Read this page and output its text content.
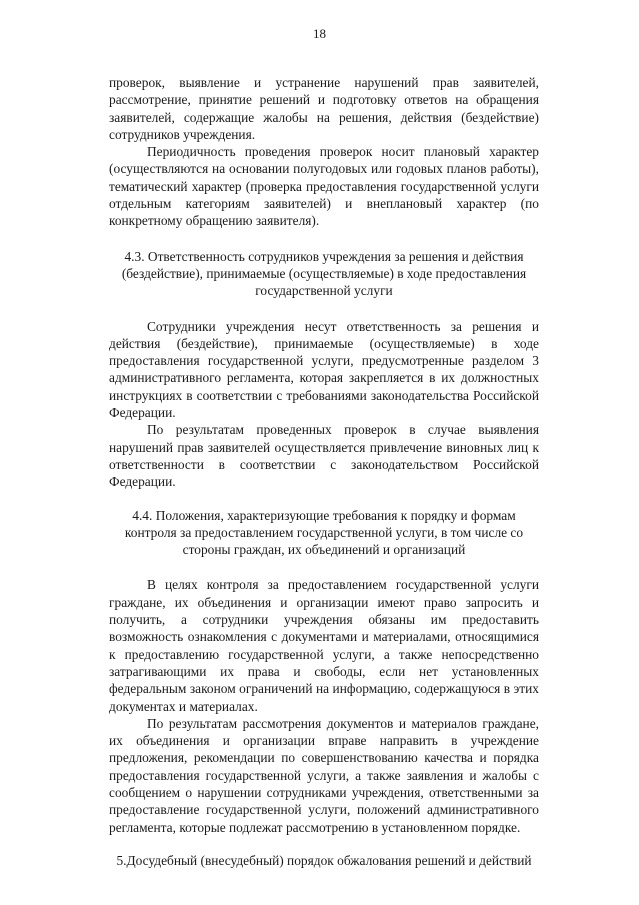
18

проверок, выявление и устранение нарушений прав заявителей, рассмотрение, принятие решений и подготовку ответов на обращения заявителей, содержащие жалобы на решения, действия (бездействие) сотрудников учреждения.

Периодичность проведения проверок носит плановый характер (осуществляются на основании полугодовых или годовых планов работы), тематический характер (проверка предоставления государственной услуги отдельным категориям заявителей) и внеплановый характер (по конкретному обращению заявителя).

4.3. Ответственность сотрудников учреждения за решения и действия (бездействие), принимаемые (осуществляемые) в ходе предоставления государственной услуги

Сотрудники учреждения несут ответственность за решения и действия (бездействие), принимаемые (осуществляемые) в ходе предоставления государственной услуги, предусмотренные разделом 3 административного регламента, которая закрепляется в их должностных инструкциях в соответствии с требованиями законодательства Российской Федерации.

По результатам проведенных проверок в случае выявления нарушений прав заявителей осуществляется привлечение виновных лиц к ответственности в соответствии с законодательством Российской Федерации.

4.4. Положения, характеризующие требования к порядку и формам контроля за предоставлением государственной услуги, в том числе со стороны граждан, их объединений и организаций

В целях контроля за предоставлением государственной услуги граждане, их объединения и организации имеют право запросить и получить, а сотрудники учреждения обязаны им предоставить возможность ознакомления с документами и материалами, относящимися к предоставлению государственной услуги, а также непосредственно затрагивающими их права и свободы, если нет установленных федеральным законом ограничений на информацию, содержащуюся в этих документах и материалах.

По результатам рассмотрения документов и материалов граждане, их объединения и организации вправе направить в учреждение предложения, рекомендации по совершенствованию качества и порядка предоставления государственной услуги, а также заявления и жалобы с сообщением о нарушении сотрудниками учреждения, ответственными за предоставление государственной услуги, положений административного регламента, которые подлежат рассмотрению в установленном порядке.

5.Досудебный (внесудебный) порядок обжалования решений и действий
